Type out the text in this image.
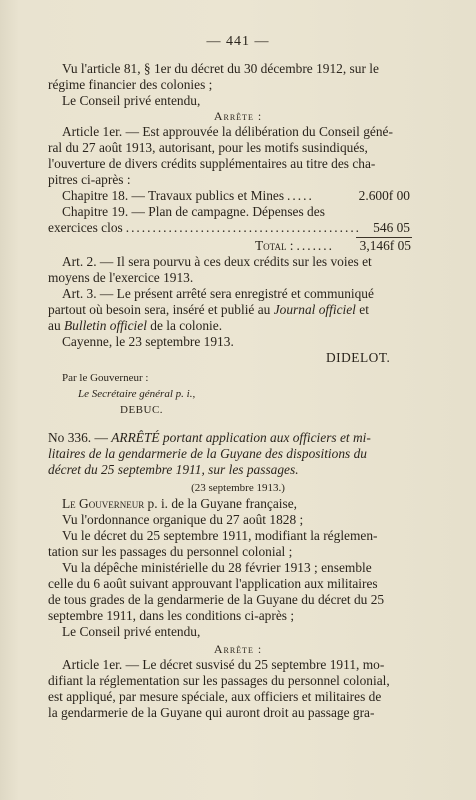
— 441 —
Vu l'article 81, § 1er du décret du 30 décembre 1912, sur le
régime financier des colonies ;
Le Conseil privé entendu,
Arrête :
Article 1er. — Est approuvée la délibération du Conseil géné-
ral du 27 août 1913, autorisant, pour les motifs susindiqués,
l'ouverture de divers crédits supplémentaires au titre des cha-
pitres ci-après :
Chapitre 18. — Travaux publics et Mines .....	2.600f 00
Chapitre 19. — Plan de campagne. Dépenses des
exercices clos ............................................ 546 05
Total : .......	3,146f 05
Art. 2. — Il sera pourvu à ces deux crédits sur les voies et
moyens de l'exercice 1913.
Art. 3. — Le présent arrêté sera enregistré et communiqué
partout où besoin sera, inséré et publié au Journal officiel et
au Bulletin officiel de la colonie.
Cayenne, le 23 septembre 1913.
DIDELOT.
Par le Gouverneur :
Le Secrétaire général p. i.,
DEBUC.
No 336. — ARRÊTÉ portant application aux officiers et mi-
litaires de la gendarmerie de la Guyane des dispositions du
décret du 25 septembre 1911, sur les passages.
(23 septembre 1913.)
Le Gouverneur p. i. de la Guyane française,
Vu l'ordonnance organique du 27 août 1828 ;
Vu le décret du 25 septembre 1911, modifiant la réglemen-
tation sur les passages du personnel colonial ;
Vu la dépêche ministérielle du 28 février 1913 ; ensemble
celle du 6 août suivant approuvant l'application aux militaires
de tous grades de la gendarmerie de la Guyane du décret du 25
septembre 1911, dans les conditions ci-après ;
Le Conseil privé entendu,
Arrête :
Article 1er. — Le décret susvisé du 25 septembre 1911, mo-
difiant la réglementation sur les passages du personnel colonial,
est appliqué, par mesure spéciale, aux officiers et militaires de
la gendarmerie de la Guyane qui auront droit au passage gra-
